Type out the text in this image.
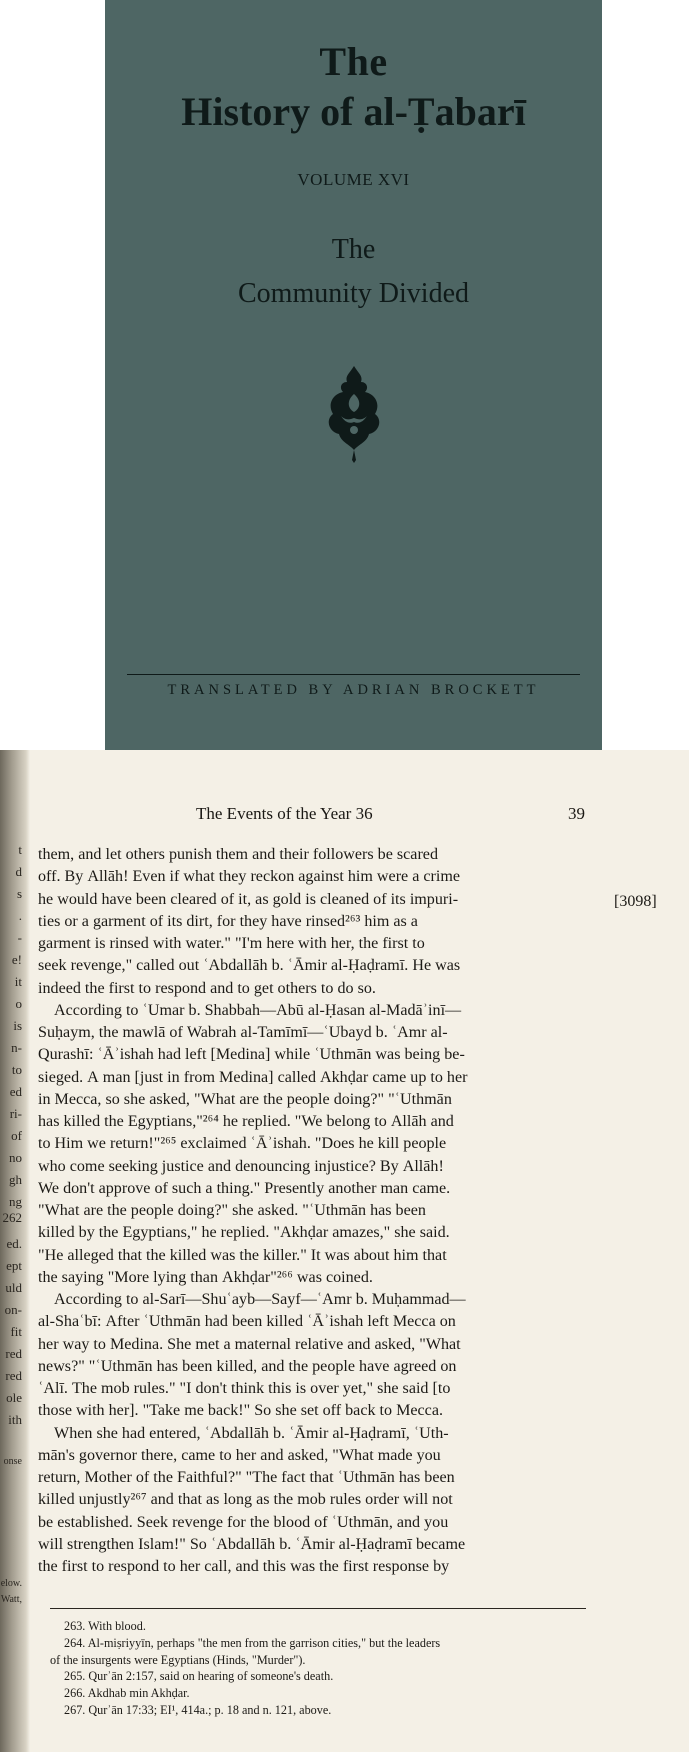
The
History of al-Ṭabarī
VOLUME XVI
The
Community Divided
TRANSLATED BY ADRIAN BROCKETT
t
d
s
.
-
e!
it
o
is
n-
to
ed
ri-
of
no
gh
ng
262
ed.
ept
uld
on-
fit
red
red
ole
ith
onse
elow.
Watt,
The Events of the Year 36	39
[3098]
them, and let others punish them and their followers be scared
off. By Allāh! Even if what they reckon against him were a crime
he would have been cleared of it, as gold is cleaned of its impuri-
ties or a garment of its dirt, for they have rinsed²⁶³ him as a
garment is rinsed with water." "I'm here with her, the first to
seek revenge," called out ʿAbdallāh b. ʿĀmir al-Ḥaḍramī. He was
indeed the first to respond and to get others to do so.
According to ʿUmar b. Shabbah—Abū al-Ḥasan al-Madāʾinī—
Suḥaym, the mawlā of Wabrah al-Tamīmī—ʿUbayd b. ʿAmr al-
Qurashī: ʿĀʾishah had left [Medina] while ʿUthmān was being be-
sieged. A man [just in from Medina] called Akhḍar came up to her
in Mecca, so she asked, "What are the people doing?" "ʿUthmān
has killed the Egyptians,"²⁶⁴ he replied. "We belong to Allāh and
to Him we return!"²⁶⁵ exclaimed ʿĀʾishah. "Does he kill people
who come seeking justice and denouncing injustice? By Allāh!
We don't approve of such a thing." Presently another man came.
"What are the people doing?" she asked. "ʿUthmān has been
killed by the Egyptians," he replied. "Akhḍar amazes," she said.
"He alleged that the killed was the killer." It was about him that
the saying "More lying than Akhḍar"²⁶⁶ was coined.
According to al-Sarī—Shuʿayb—Sayf—ʿAmr b. Muḥammad—
al-Shaʿbī: After ʿUthmān had been killed ʿĀʾishah left Mecca on
her way to Medina. She met a maternal relative and asked, "What
news?" "ʿUthmān has been killed, and the people have agreed on
ʿAlī. The mob rules." "I don't think this is over yet," she said [to
those with her]. "Take me back!" So she set off back to Mecca.
When she had entered, ʿAbdallāh b. ʿĀmir al-Ḥaḍramī, ʿUth-
mān's governor there, came to her and asked, "What made you
return, Mother of the Faithful?" "The fact that ʿUthmān has been
killed unjustly²⁶⁷ and that as long as the mob rules order will not
be established. Seek revenge for the blood of ʿUthmān, and you
will strengthen Islam!" So ʿAbdallāh b. ʿĀmir al-Ḥaḍramī became
the first to respond to her call, and this was the first response by
263. With blood.
264. Al-miṣriyyīn, perhaps "the men from the garrison cities," but the leaders
of the insurgents were Egyptians (Hinds, "Murder").
265. Qurʾān 2:157, said on hearing of someone's death.
266. Akdhab min Akhḍar.
267. Qurʾān 17:33; EI¹, 414a.; p. 18 and n. 121, above.
